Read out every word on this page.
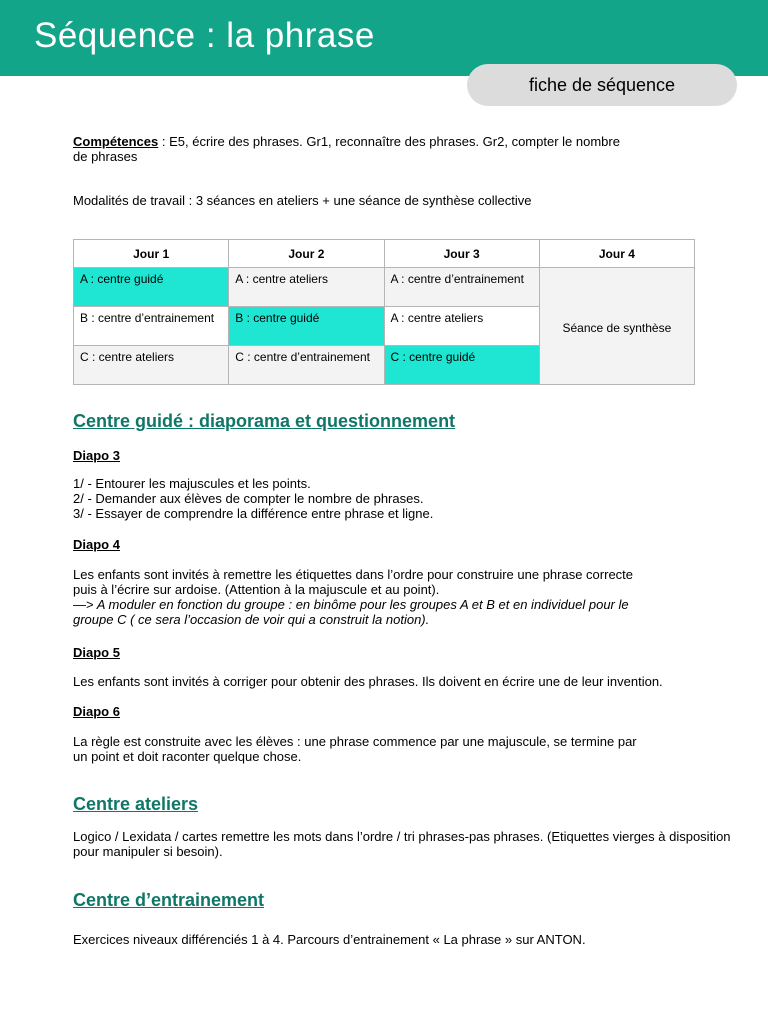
Séquence : la phrase
fiche de séquence
Compétences : E5, écrire des phrases. Gr1, reconnaître des phrases. Gr2, compter le nombre
de phrases
Modalités de travail : 3 séances en ateliers + une séance de synthèse collective
Jour 1	Jour 2	Jour 3	Jour 4
A : centre guidé	A : centre ateliers	A : centre d’entrainement	Séance de synthèse
B : centre d’entrainement	B : centre guidé	A : centre ateliers	
C : centre ateliers	C : centre d’entrainement	C : centre guidé	
Centre guidé : diaporama et questionnement
Diapo 3
1/ - Entourer les majuscules et les points.
2/ - Demander aux élèves de compter le nombre de phrases.
3/ - Essayer de comprendre la différence entre phrase et ligne.
Diapo 4
Les enfants sont invités à remettre les étiquettes dans l’ordre pour construire une phrase correcte
puis à l’écrire sur ardoise. (Attention à la majuscule et au point).
—> A moduler en fonction du groupe : en binôme pour les groupes A et B et en individuel pour le
groupe C ( ce sera l’occasion de voir qui a construit la notion).
Diapo 5
Les enfants sont invités à corriger pour obtenir des phrases. Ils doivent en écrire une de leur invention.
Diapo 6
La règle est construite avec les élèves : une phrase commence par une majuscule, se termine par
un point et doit raconter quelque chose.
Centre ateliers
Logico / Lexidata / cartes remettre les mots dans l’ordre / tri phrases-pas phrases. (Etiquettes vierges à disposition
pour manipuler si besoin).
Centre d’entrainement
Exercices niveaux différenciés 1 à 4. Parcours d’entrainement « La phrase » sur ANTON.
